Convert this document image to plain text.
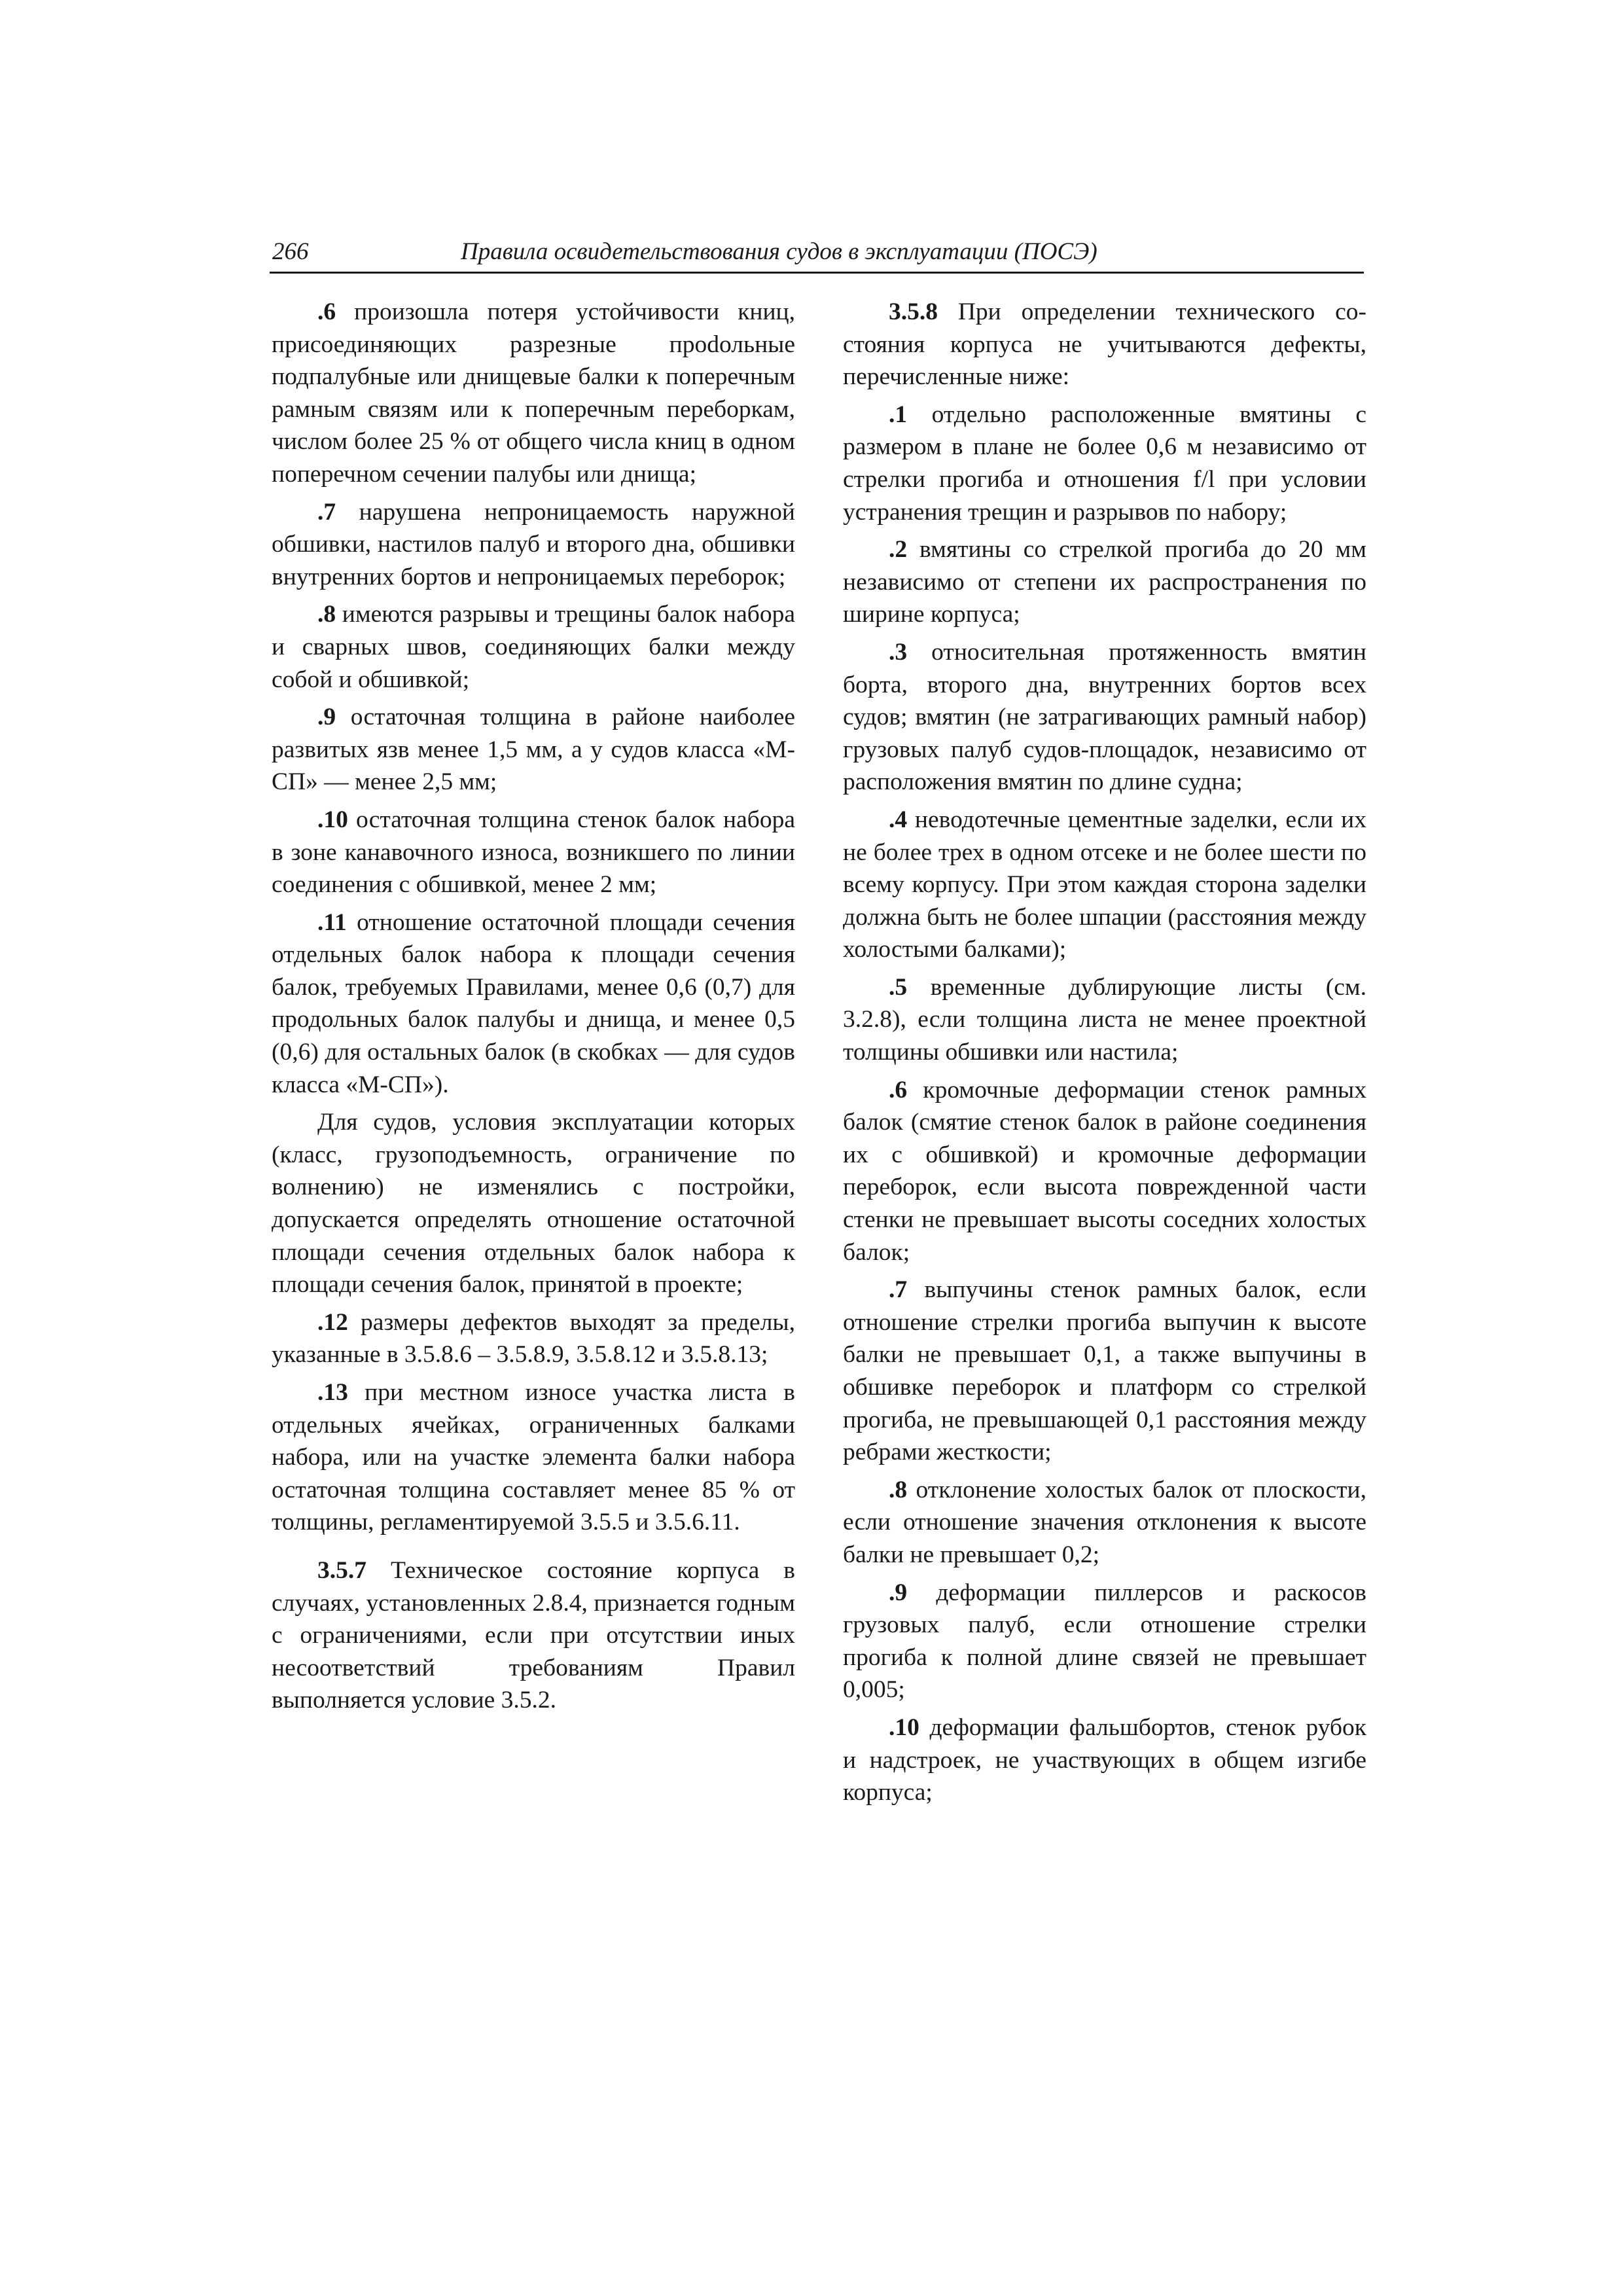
266	Правила освидетельствования судов в эксплуатации (ПОСЭ)

.6 произошла потеря устойчивости книц, присоединяющих разрезные проdольные подпалубные или днищевые балки к поперечным рамным связям или к поперечным переборкам, числом более 25 % от общего числа книц в одном поперечном сечении палубы или днища;

.7 нарушена непроницаемость наружной обшивки, настилов палуб и второго дна, обшивки внутренних бортов и непроницаемых переборок;

.8 имеются разрывы и трещины балок набора и сварных швов, соединяющих балки между собой и обшивкой;

.9 остаточная толщина в районе наиболее развитых язв менее 1,5 мм, а у судов класса «М-СП» — менее 2,5 мм;

.10 остаточная толщина стенок балок набора в зоне канавочного износа, возникшего по линии соединения с обшивкой, менее 2 мм;

.11 отношение остаточной площади сечения отдельных балок набора к площади сечения балок, требуемых Правилами, менее 0,6 (0,7) для продольных балок палубы и днища, и менее 0,5 (0,6) для остальных балок (в скобках — для судов класса «М-СП»).

Для судов, условия эксплуатации которых (класс, грузоподъемность, ограничение по волнению) не изменялись с постройки, допускается определять отношение остаточной площади сечения отдельных балок набора к площади сечения балок, принятой в проекте;

.12 размеры дефектов выходят за пределы, указанные в 3.5.8.6 – 3.5.8.9, 3.5.8.12 и 3.5.8.13;

.13 при местном износе участка листа в отдельных ячейках, ограниченных балками набора, или на участке элемента балки набора остаточная толщина составляет менее 85 % от толщины, регламентируемой 3.5.5 и 3.5.6.11.

3.5.7 Техническое состояние корпуса в случаях, установленных 2.8.4, признается годным с ограничениями, если при отсутствии иных несоответствий требованиям Правил выполняется условие 3.5.2.

3.5.8 При определении технического состояния корпуса не учитываются дефекты, перечисленные ниже:

.1 отдельно расположенные вмятины с размером в плане не более 0,6 м независимо от стрелки прогиба и отношения f/l при условии устранения трещин и разрывов по набору;

.2 вмятины со стрелкой прогиба до 20 мм независимо от степени их распространения по ширине корпуса;

.3 относительная протяженность вмятин борта, второго дна, внутренних бортов всех судов; вмятин (не затрагивающих рамный набор) грузовых палуб судов-площадок, независимо от расположения вмятин по длине судна;

.4 неводотечные цементные заделки, если их не более трех в одном отсеке и не более шести по всему корпусу. При этом каждая сторона заделки должна быть не более шпации (расстояния между холостыми балками);

.5 временные дублирующие листы (см. 3.2.8), если толщина листа не менее проектной толщины обшивки или настила;

.6 кромочные деформации стенок рамных балок (смятие стенок балок в районе соединения их с обшивкой) и кромочные деформации переборок, если высота поврежденной части стенки не превышает высоты соседних холостых балок;

.7 выпучины стенок рамных балок, если отношение стрелки прогиба выпучин к высоте балки не превышает 0,1, а также выпучины в обшивке переборок и платформ со стрелкой прогиба, не превышающей 0,1 расстояния между ребрами жесткости;

.8 отклонение холостых балок от плоскости, если отношение значения отклонения к высоте балки не превышает 0,2;

.9 деформации пиллерсов и раскосов грузовых палуб, если отношение стрелки прогиба к полной длине связей не превышает 0,005;

.10 деформации фальшбортов, стенок рубок и надстроек, не участвующих в общем изгибе корпуса;
